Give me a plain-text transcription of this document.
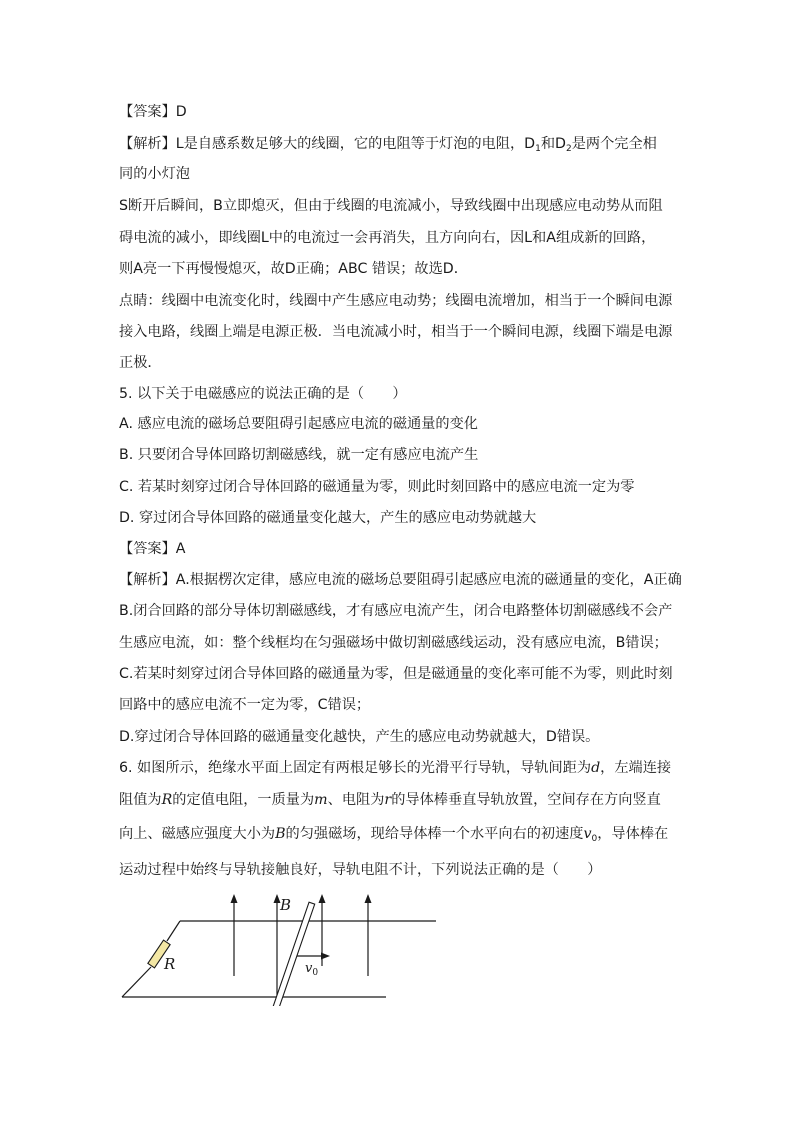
【答案】D
【解析】L是自感系数足够大的线圈，它的电阻等于灯泡的电阻，$D_1$和$D_2$是两个完全相
同的小灯泡
S断开后瞬间，B立即熄灭，但由于线圈的电流减小，导致线圈中出现感应电动势从而阻
碍电流的减小，即线圈L中的电流过一会再消失，且方向向右，因L和A组成新的回路，
则A亮一下再慢慢熄灭，故D正确；ABC 错误；故选D．
点睛：线圈中电流变化时，线圈中产生感应电动势；线圈电流增加，相当于一个瞬间电源
接入电路，线圈上端是电源正极．当电流减小时，相当于一个瞬间电源，线圈下端是电源
正极．
5. 以下关于电磁感应的说法正确的是（　　）
A. 感应电流的磁场总要阻碍引起感应电流的磁通量的变化
B. 只要闭合导体回路切割磁感线，就一定有感应电流产生
C. 若某时刻穿过闭合导体回路的磁通量为零，则此时刻回路中的感应电流一定为零
D. 穿过闭合导体回路的磁通量变化越大，产生的感应电动势就越大
【答案】A
【解析】A.根据楞次定律，感应电流的磁场总要阻碍引起感应电流的磁通量的变化，A正确
B.闭合回路的部分导体切割磁感线，才有感应电流产生，闭合电路整体切割磁感线不会产
生感应电流，如：整个线框均在匀强磁场中做切割磁感线运动，没有感应电流，B错误；
C.若某时刻穿过闭合导体回路的磁通量为零，但是磁通量的变化率可能不为零，则此时刻
回路中的感应电流不一定为零，C错误；
D.穿过闭合导体回路的磁通量变化越快，产生的感应电动势就越大，D错误。
6. 如图所示，绝缘水平面上固定有两根足够长的光滑平行导轨，导轨间距为d，左端连接
阻值为R的定值电阻，一质量为m、电阻为r的导体棒垂直导轨放置，空间存在方向竖直
向上、磁感应强度大小为B的匀强磁场，现给导体棒一个水平向右的初速度$v_0$，导体棒在
运动过程中始终与导轨接触良好，导轨电阻不计，下列说法正确的是（　　）
B
R	$v_0$
